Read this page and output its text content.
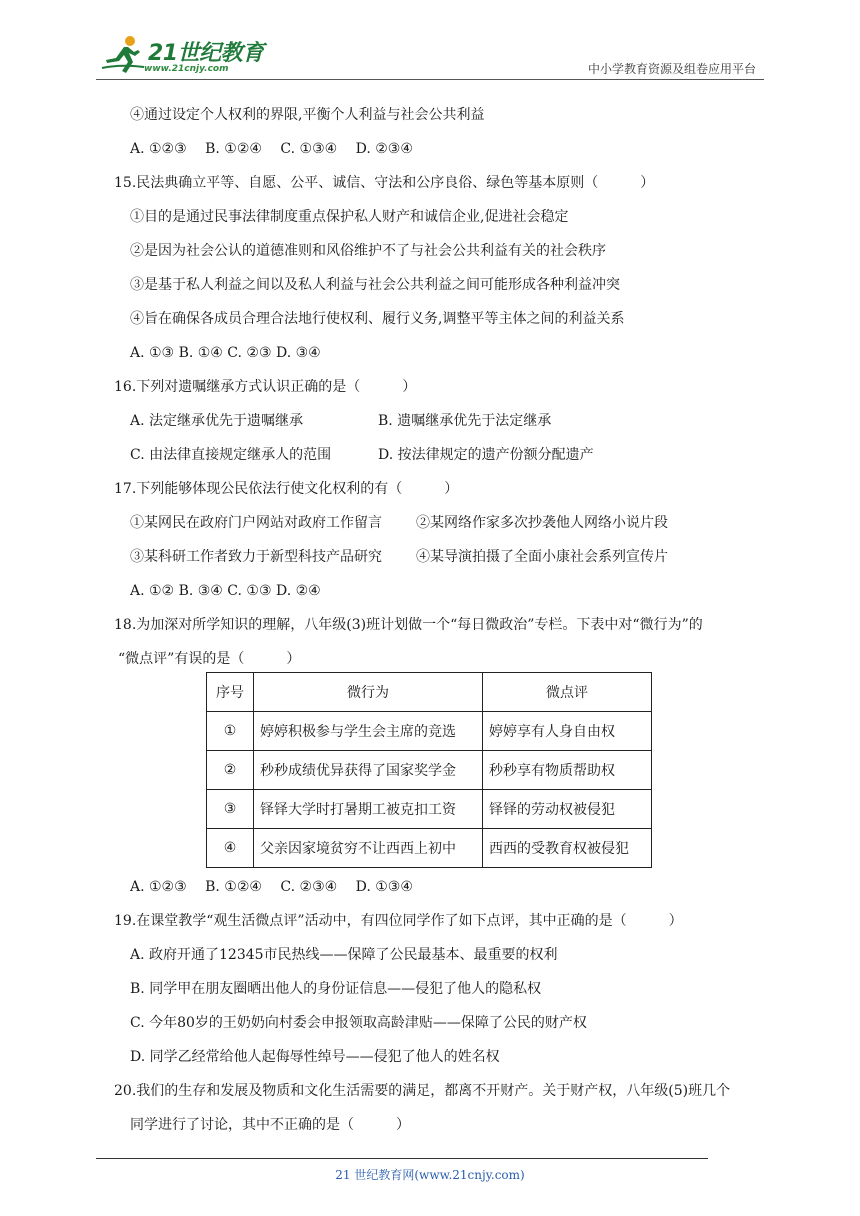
21世纪教育
www.21cnjy.com	中小学教育资源及组卷应用平台
④通过设定个人权利的界限,平衡个人利益与社会公共利益
A. ①②③　 B. ①②④　 C. ①③④　 D. ②③④
15.民法典确立平等、自愿、公平、诚信、守法和公序良俗、绿色等基本原则（　　　）
①目的是通过民事法律制度重点保护私人财产和诚信企业,促进社会稳定
②是因为社会公认的道德准则和风俗维护不了与社会公共利益有关的社会秩序
③是基于私人利益之间以及私人利益与社会公共利益之间可能形成各种利益冲突
④旨在确保各成员合理合法地行使权利、履行义务,调整平等主体之间的利益关系
A. ①③ B. ①④ C. ②③ D. ③④
16.下列对遗嘱继承方式认识正确的是（　　　）
A. 法定继承优先于遗嘱继承	B. 遗嘱继承优先于法定继承
C. 由法律直接规定继承人的范围	D. 按法律规定的遗产份额分配遗产
17.下列能够体现公民依法行使文化权利的有（　　　）
①某网民在政府门户网站对政府工作留言 ②某网络作家多次抄袭他人网络小说片段
③某科研工作者致力于新型科技产品研究 ④某导演拍摄了全面小康社会系列宣传片
A. ①② B. ③④ C. ①③ D. ②④
18.为加深对所学知识的理解，八年级(3)班计划做一个“每日微政治”专栏。下表中对“微行为”的
“微点评”有误的是（　　　）
序号	微行为	微点评
①	婷婷积极参与学生会主席的竞选	婷婷享有人身自由权
②	秒秒成绩优异获得了国家奖学金	秒秒享有物质帮助权
③	铎铎大学时打暑期工被克扣工资	铎铎的劳动权被侵犯
④	父亲因家境贫穷不让西西上初中	西西的受教育权被侵犯
A. ①②③　 B. ①②④　 C. ②③④　 D. ①③④
19.在课堂教学“观生活微点评”活动中，有四位同学作了如下点评，其中正确的是（　　　）
A. 政府开通了12345市民热线——保障了公民最基本、最重要的权利
B. 同学甲在朋友圈晒出他人的身份证信息——侵犯了他人的隐私权
C. 今年80岁的王奶奶向村委会申报领取高龄津贴——保障了公民的财产权
D. 同学乙经常给他人起侮辱性绰号——侵犯了他人的姓名权
20.我们的生存和发展及物质和文化生活需要的满足，都离不开财产。关于财产权，八年级(5)班几个
同学进行了讨论，其中不正确的是（　　　）
21 世纪教育网(www.21cnjy.com)
